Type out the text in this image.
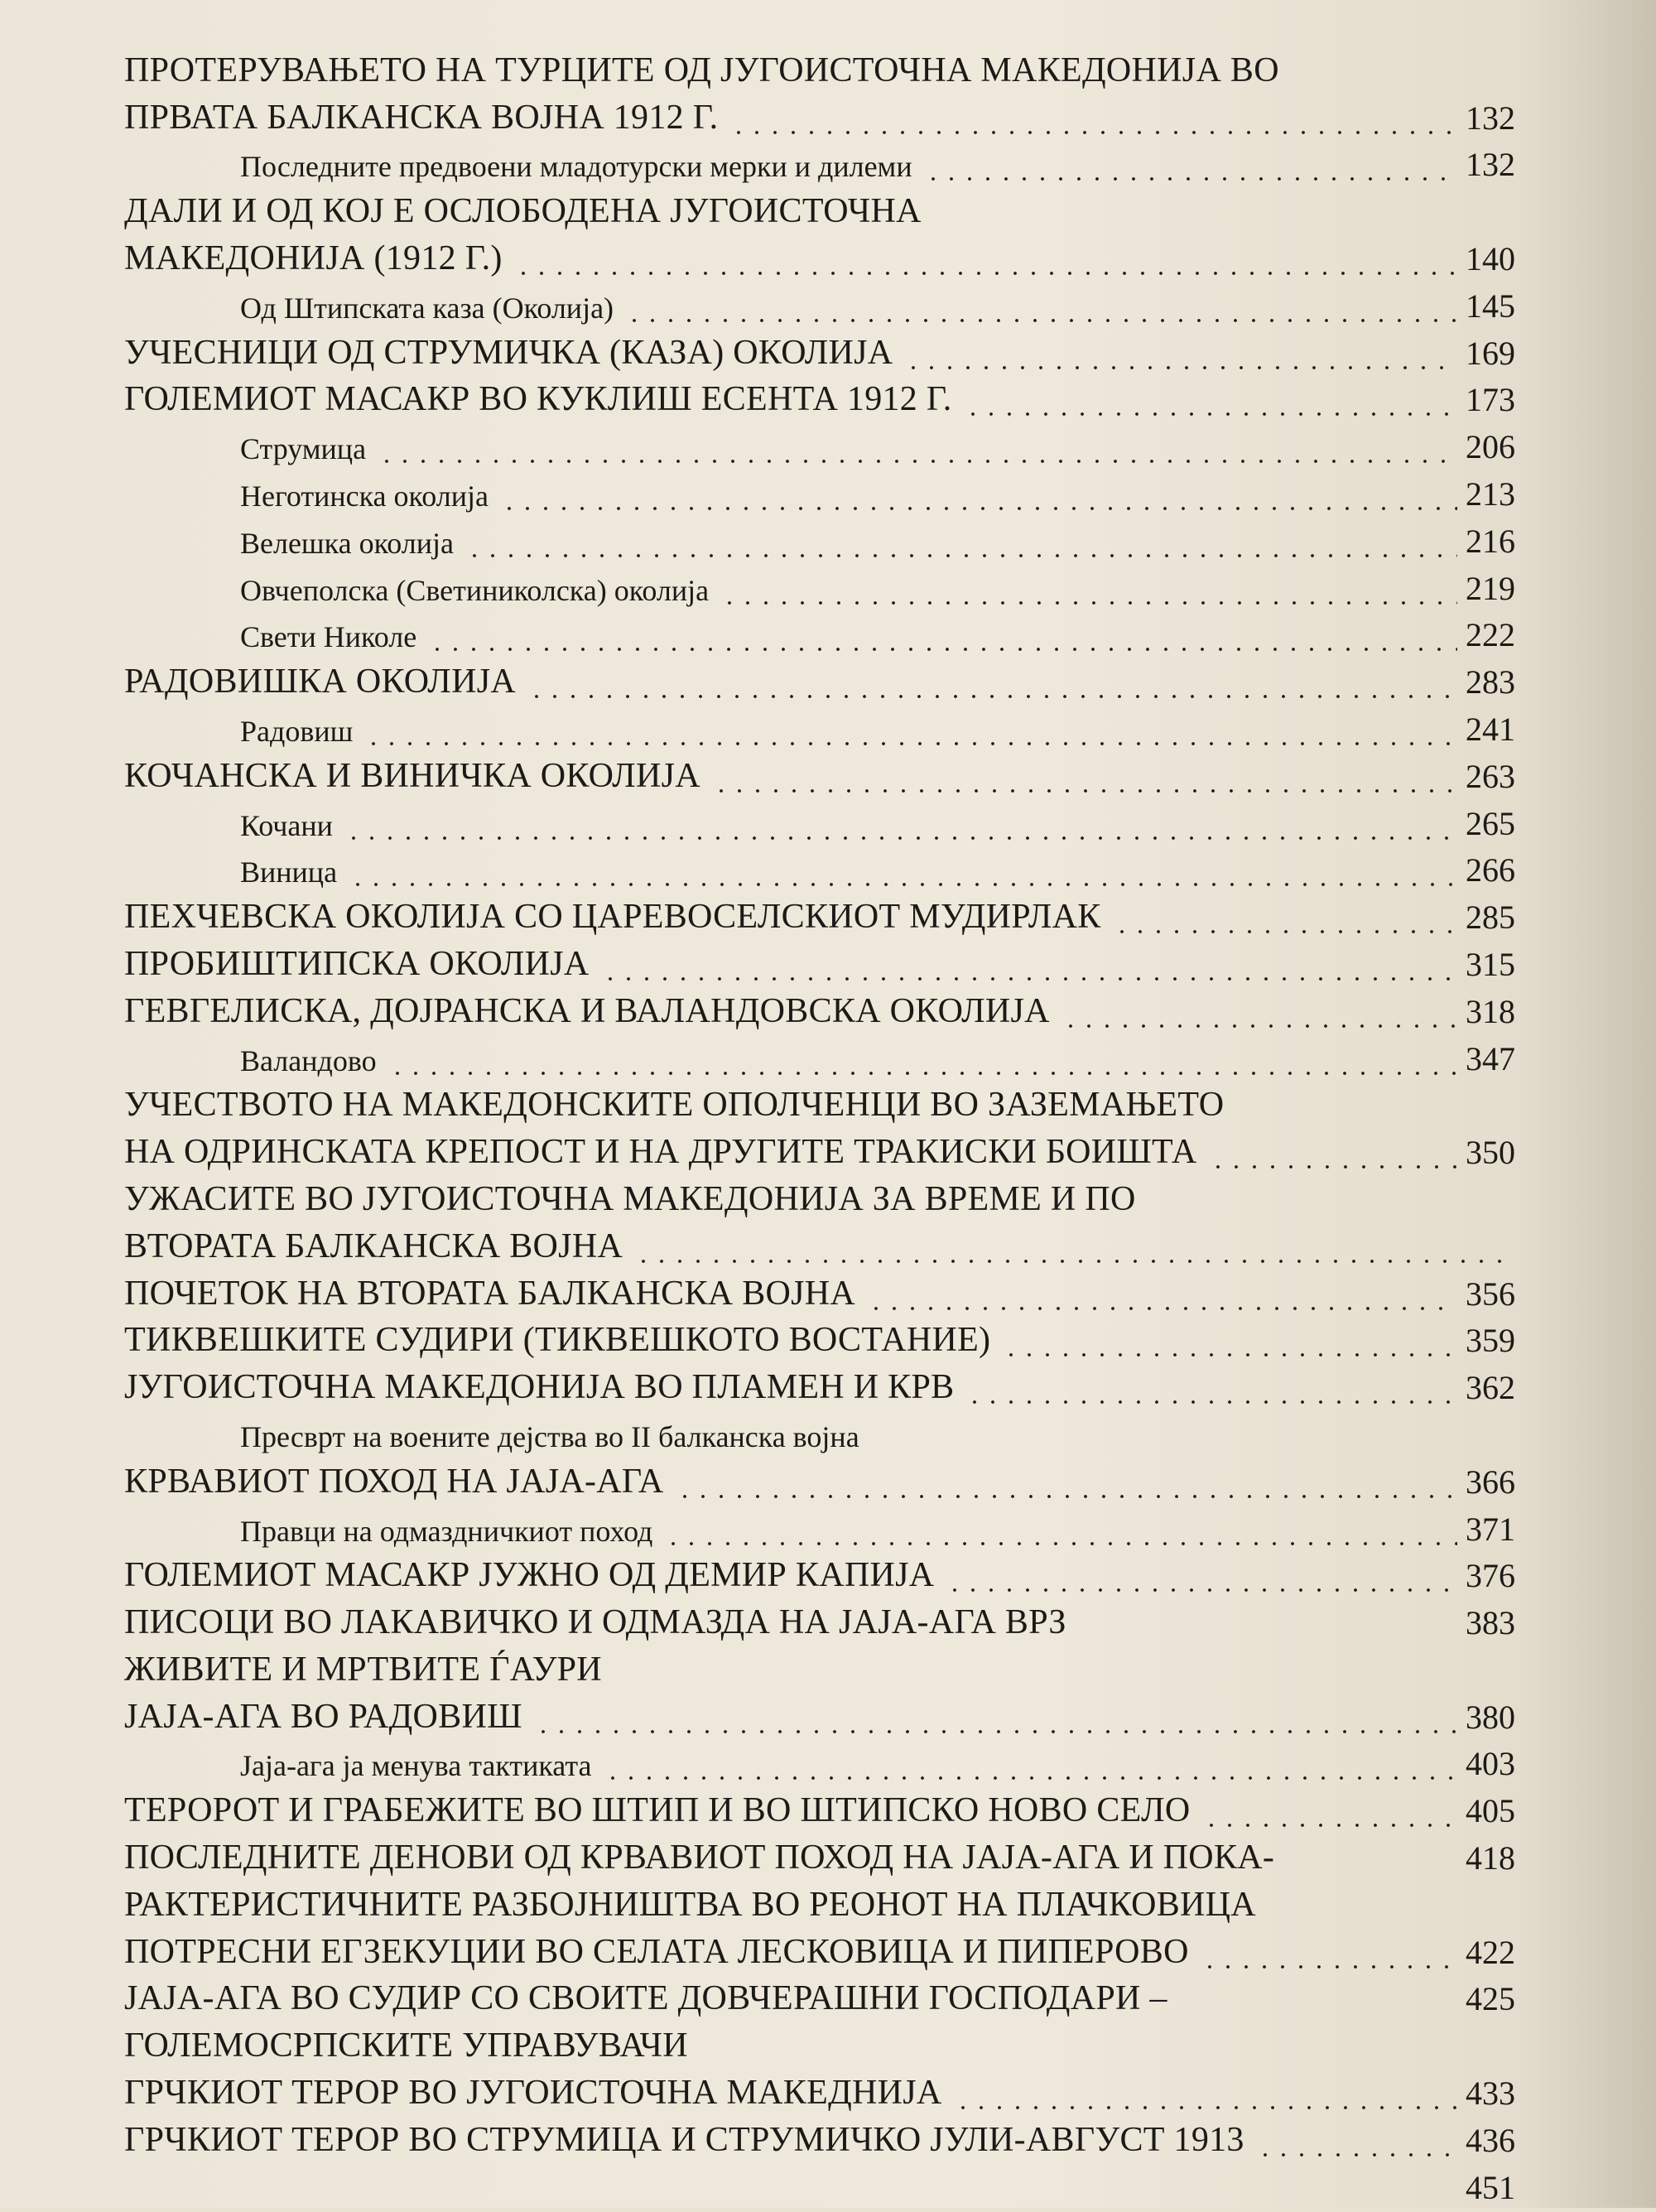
ПРОТЕРУВАЊЕТО НА ТУРЦИТЕ ОД ЈУГОИСТОЧНА МАКЕДОНИЈА ВО
ПРВАТА БАЛКАНСКА ВОЈНА 1912 Г.	132
Последните предвоени младотурски мерки и дилеми	132
ДАЛИ И ОД КОЈ Е ОСЛОБОДЕНА ЈУГОИСТОЧНА
МАКЕДОНИЈА (1912 Г.)	140
Од Штипската каза (Околија)	145
УЧЕСНИЦИ ОД СТРУМИЧКА (КАЗА) ОКОЛИЈА	169
ГОЛЕМИОТ МАСАКР ВО КУКЛИШ ЕСЕНТА 1912 Г.	173
Струмица	206
Неготинска околија	213
Велешка околија	216
Овчеполска (Светиниколска) околија	219
Свети Николе	222
РАДОВИШКА ОКОЛИЈА	283
Радовиш	241
КОЧАНСКА И ВИНИЧКА ОКОЛИЈА	263
Кочани	265
Виница	266
ПЕХЧЕВСКА ОКОЛИЈА СО ЦАРЕВОСЕЛСКИОТ МУДИРЛАК	285
ПРОБИШТИПСКА ОКОЛИЈА	315
ГЕВГЕЛИСКА, ДОЈРАНСКА И ВАЛАНДОВСКА ОКОЛИЈА	318
Валандово	347
УЧЕСТВОТО НА МАКЕДОНСКИТЕ ОПОЛЧЕНЦИ ВО ЗАЗЕМАЊЕТО
НА ОДРИНСКАТА КРЕПОСТ И НА ДРУГИТЕ ТРАКИСКИ БОИШТА	350
УЖАСИТЕ ВО ЈУГОИСТОЧНА МАКЕДОНИЈА ЗА ВРЕМЕ И ПО
ВТОРАТА БАЛКАНСКА ВОЈНА
ПОЧЕТОК НА ВТОРАТА БАЛКАНСКА ВОЈНА	356
ТИКВЕШКИТЕ СУДИРИ (ТИКВЕШКОТО ВОСТАНИЕ)	359
ЈУГОИСТОЧНА МАКЕДОНИЈА ВО ПЛАМЕН И КРВ	362
Пресврт на воените дејства во II балканска војна
КРВАВИОТ ПОХОД НА ЈАЈА-АГА	366
Правци на одмаздничкиот поход	371
ГОЛЕМИОТ МАСАКР ЈУЖНО ОД ДЕМИР КАПИЈА	376
ПИСОЦИ ВО ЛАКАВИЧКО И ОДМАЗДА НА ЈАЈА-АГА ВРЗ	383
ЖИВИТЕ И МРТВИТЕ ЃАУРИ
ЈАЈА-АГА ВО РАДОВИШ	380
Јаја-ага ја менува тактиката	403
ТЕРОРОТ И ГРАБЕЖИТЕ ВО ШТИП И ВО ШТИПСКО НОВО СЕЛО	405
ПОСЛЕДНИТЕ ДЕНОВИ ОД КРВАВИОТ ПОХОД НА ЈАЈА-АГА И ПОКА-	418
РАКТЕРИСТИЧНИТЕ РАЗБОЈНИШТВА ВО РЕОНОТ НА ПЛАЧКОВИЦА
ПОТРЕСНИ ЕГЗЕКУЦИИ ВО СЕЛАТА ЛЕСКОВИЦА И ПИПЕРОВО	422
ЈАЈА-АГА ВО СУДИР СО СВОИТЕ ДОВЧЕРАШНИ ГОСПОДАРИ –	425
ГОЛЕМОСРПСКИТЕ УПРАВУВАЧИ
ГРЧКИОТ ТЕРОР ВО ЈУГОИСТОЧНА МАКЕДНИЈА	433
ГРЧКИОТ ТЕРОР ВО СТРУМИЦА И СТРУМИЧКО ЈУЛИ-АВГУСТ 1913	436
451
